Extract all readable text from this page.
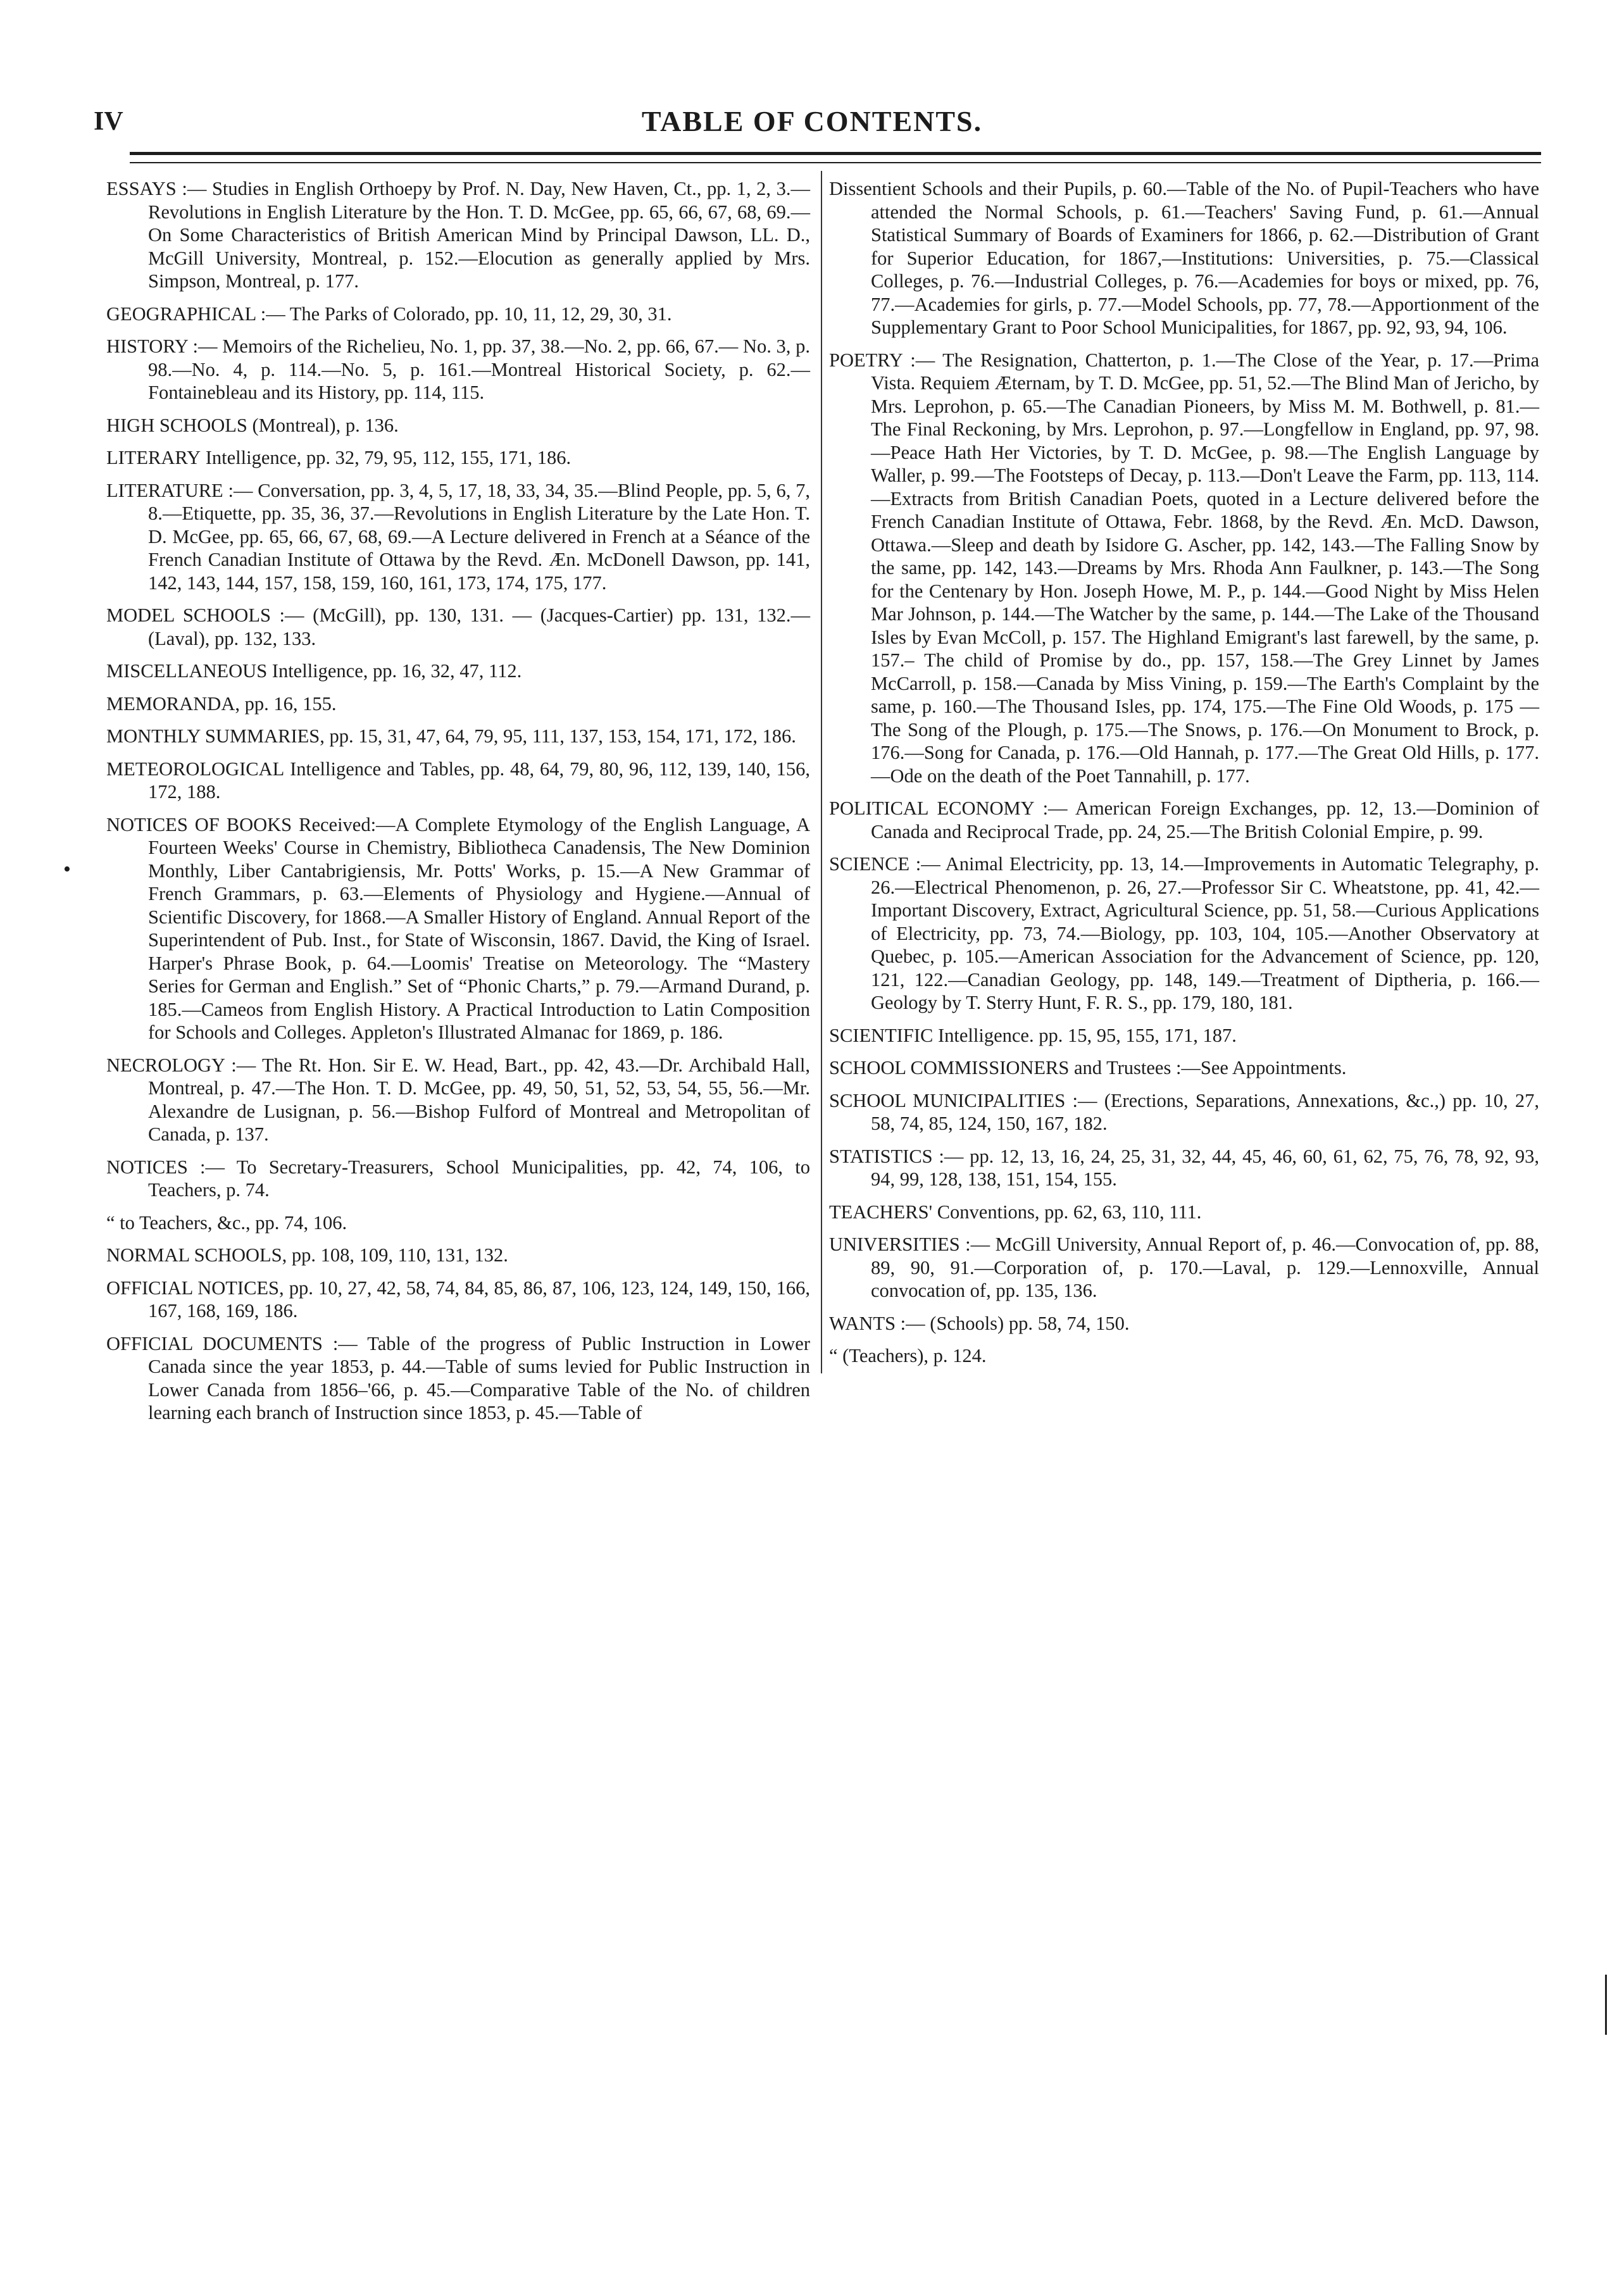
IV	TABLE OF CONTENTS.

ESSAYS :— Studies in English Orthoepy by Prof. N. Day, New Haven, Ct., pp. 1, 2, 3.—Revolutions in English Literature by the Hon. T. D. McGee, pp. 65, 66, 67, 68, 69.—On Some Characteristics of British American Mind by Principal Dawson, LL. D., McGill University, Montreal, p. 152.—Elocution as generally applied by Mrs. Simpson, Montreal, p. 177.

GEOGRAPHICAL :— The Parks of Colorado, pp. 10, 11, 12, 29, 30, 31.

HISTORY :— Memoirs of the Richelieu, No. 1, pp. 37, 38.—No. 2, pp. 66, 67.— No. 3, p. 98.—No. 4, p. 114.—No. 5, p. 161.—Montreal Historical Society, p. 62.—Fontainebleau and its History, pp. 114, 115.

HIGH SCHOOLS (Montreal), p. 136.

LITERARY Intelligence, pp. 32, 79, 95, 112, 155, 171, 186.

LITERATURE :— Conversation, pp. 3, 4, 5, 17, 18, 33, 34, 35.—Blind People, pp. 5, 6, 7, 8.—Etiquette, pp. 35, 36, 37.—Revolutions in English Literature by the Late Hon. T. D. McGee, pp. 65, 66, 67, 68, 69.—A Lecture delivered in French at a Séance of the French Canadian Institute of Ottawa by the Revd. Æn. McDonell Dawson, pp. 141, 142, 143, 144, 157, 158, 159, 160, 161, 173, 174, 175, 177.

MODEL SCHOOLS :— (McGill), pp. 130, 131. — (Jacques-Cartier) pp. 131, 132.—(Laval), pp. 132, 133.

MISCELLANEOUS Intelligence, pp. 16, 32, 47, 112.

MEMORANDA, pp. 16, 155.

MONTHLY SUMMARIES, pp. 15, 31, 47, 64, 79, 95, 111, 137, 153, 154, 171, 172, 186.

METEOROLOGICAL Intelligence and Tables, pp. 48, 64, 79, 80, 96, 112, 139, 140, 156, 172, 188.

NOTICES OF BOOKS Received:—A Complete Etymology of the English Language, A Fourteen Weeks' Course in Chemistry, Bibliotheca Canadensis, The New Dominion Monthly, Liber Cantabrigiensis, Mr. Potts' Works, p. 15.—A New Grammar of French Grammars, p. 63.—Elements of Physiology and Hygiene.—Annual of Scientific Discovery, for 1868.—A Smaller History of England. Annual Report of the Superintendent of Pub. Inst., for State of Wisconsin, 1867. David, the King of Israel. Harper's Phrase Book, p. 64.—Loomis' Treatise on Meteorology. The “Mastery Series for German and English.” Set of “Phonic Charts,” p. 79.—Armand Durand, p. 185.—Cameos from English History. A Practical Introduction to Latin Composition for Schools and Colleges. Appleton's Illustrated Almanac for 1869, p. 186.

NECROLOGY :— The Rt. Hon. Sir E. W. Head, Bart., pp. 42, 43.—Dr. Archibald Hall, Montreal, p. 47.—The Hon. T. D. McGee, pp. 49, 50, 51, 52, 53, 54, 55, 56.—Mr. Alexandre de Lusignan, p. 56.—Bishop Fulford of Montreal and Metropolitan of Canada, p. 137.

NOTICES :— To Secretary-Treasurers, School Municipalities, pp. 42, 74, 106, to Teachers, p. 74.

“ to Teachers, &c., pp. 74, 106.

NORMAL SCHOOLS, pp. 108, 109, 110, 131, 132.

OFFICIAL NOTICES, pp. 10, 27, 42, 58, 74, 84, 85, 86, 87, 106, 123, 124, 149, 150, 166, 167, 168, 169, 186.

OFFICIAL DOCUMENTS :— Table of the progress of Public Instruction in Lower Canada since the year 1853, p. 44.—Table of sums levied for Public Instruction in Lower Canada from 1856–'66, p. 45.—Comparative Table of the No. of children learning each branch of Instruction since 1853, p. 45.—Table of

Dissentient Schools and their Pupils, p. 60.—Table of the No. of Pupil-Teachers who have attended the Normal Schools, p. 61.—Teachers' Saving Fund, p. 61.—Annual Statistical Summary of Boards of Examiners for 1866, p. 62.—Distribution of Grant for Superior Education, for 1867,—Institutions: Universities, p. 75.—Classical Colleges, p. 76.—Industrial Colleges, p. 76.—Academies for boys or mixed, pp. 76, 77.—Academies for girls, p. 77.—Model Schools, pp. 77, 78.—Apportionment of the Supplementary Grant to Poor School Municipalities, for 1867, pp. 92, 93, 94, 106.

POETRY :— The Resignation, Chatterton, p. 1.—The Close of the Year, p. 17.—Prima Vista. Requiem Æternam, by T. D. McGee, pp. 51, 52.—The Blind Man of Jericho, by Mrs. Leprohon, p. 65.—The Canadian Pioneers, by Miss M. M. Bothwell, p. 81.—The Final Reckoning, by Mrs. Leprohon, p. 97.—Longfellow in England, pp. 97, 98.—Peace Hath Her Victories, by T. D. McGee, p. 98.—The English Language by Waller, p. 99.—The Footsteps of Decay, p. 113.—Don't Leave the Farm, pp. 113, 114.—Extracts from British Canadian Poets, quoted in a Lecture delivered before the French Canadian Institute of Ottawa, Febr. 1868, by the Revd. Æn. McD. Dawson, Ottawa.—Sleep and death by Isidore G. Ascher, pp. 142, 143.—The Falling Snow by the same, pp. 142, 143.—Dreams by Mrs. Rhoda Ann Faulkner, p. 143.—The Song for the Centenary by Hon. Joseph Howe, M. P., p. 144.—Good Night by Miss Helen Mar Johnson, p. 144.—The Watcher by the same, p. 144.—The Lake of the Thousand Isles by Evan McColl, p. 157. The Highland Emigrant's last farewell, by the same, p. 157.– The child of Promise by do., pp. 157, 158.—The Grey Linnet by James McCarroll, p. 158.—Canada by Miss Vining, p. 159.—The Earth's Complaint by the same, p. 160.—The Thousand Isles, pp. 174, 175.—The Fine Old Woods, p. 175 —The Song of the Plough, p. 175.—The Snows, p. 176.—On Monument to Brock, p. 176.—Song for Canada, p. 176.—Old Hannah, p. 177.—The Great Old Hills, p. 177.—Ode on the death of the Poet Tannahill, p. 177.

POLITICAL ECONOMY :— American Foreign Exchanges, pp. 12, 13.—Dominion of Canada and Reciprocal Trade, pp. 24, 25.—The British Colonial Empire, p. 99.

SCIENCE :— Animal Electricity, pp. 13, 14.—Improvements in Automatic Telegraphy, p. 26.—Electrical Phenomenon, p. 26, 27.—Professor Sir C. Wheatstone, pp. 41, 42.—Important Discovery, Extract, Agricultural Science, pp. 51, 58.—Curious Applications of Electricity, pp. 73, 74.—Biology, pp. 103, 104, 105.—Another Observatory at Quebec, p. 105.—American Association for the Advancement of Science, pp. 120, 121, 122.—Canadian Geology, pp. 148, 149.—Treatment of Diptheria, p. 166.—Geology by T. Sterry Hunt, F. R. S., pp. 179, 180, 181.

SCIENTIFIC Intelligence. pp. 15, 95, 155, 171, 187.

SCHOOL COMMISSIONERS and Trustees :—See Appointments.

SCHOOL MUNICIPALITIES :— (Erections, Separations, Annexations, &c.,) pp. 10, 27, 58, 74, 85, 124, 150, 167, 182.

STATISTICS :— pp. 12, 13, 16, 24, 25, 31, 32, 44, 45, 46, 60, 61, 62, 75, 76, 78, 92, 93, 94, 99, 128, 138, 151, 154, 155.

TEACHERS' Conventions, pp. 62, 63, 110, 111.

UNIVERSITIES :— McGill University, Annual Report of, p. 46.—Convocation of, pp. 88, 89, 90, 91.—Corporation of, p. 170.—Laval, p. 129.—Lennoxville, Annual convocation of, pp. 135, 136.

WANTS :— (Schools) pp. 58, 74, 150.

“ (Teachers), p. 124.

•
